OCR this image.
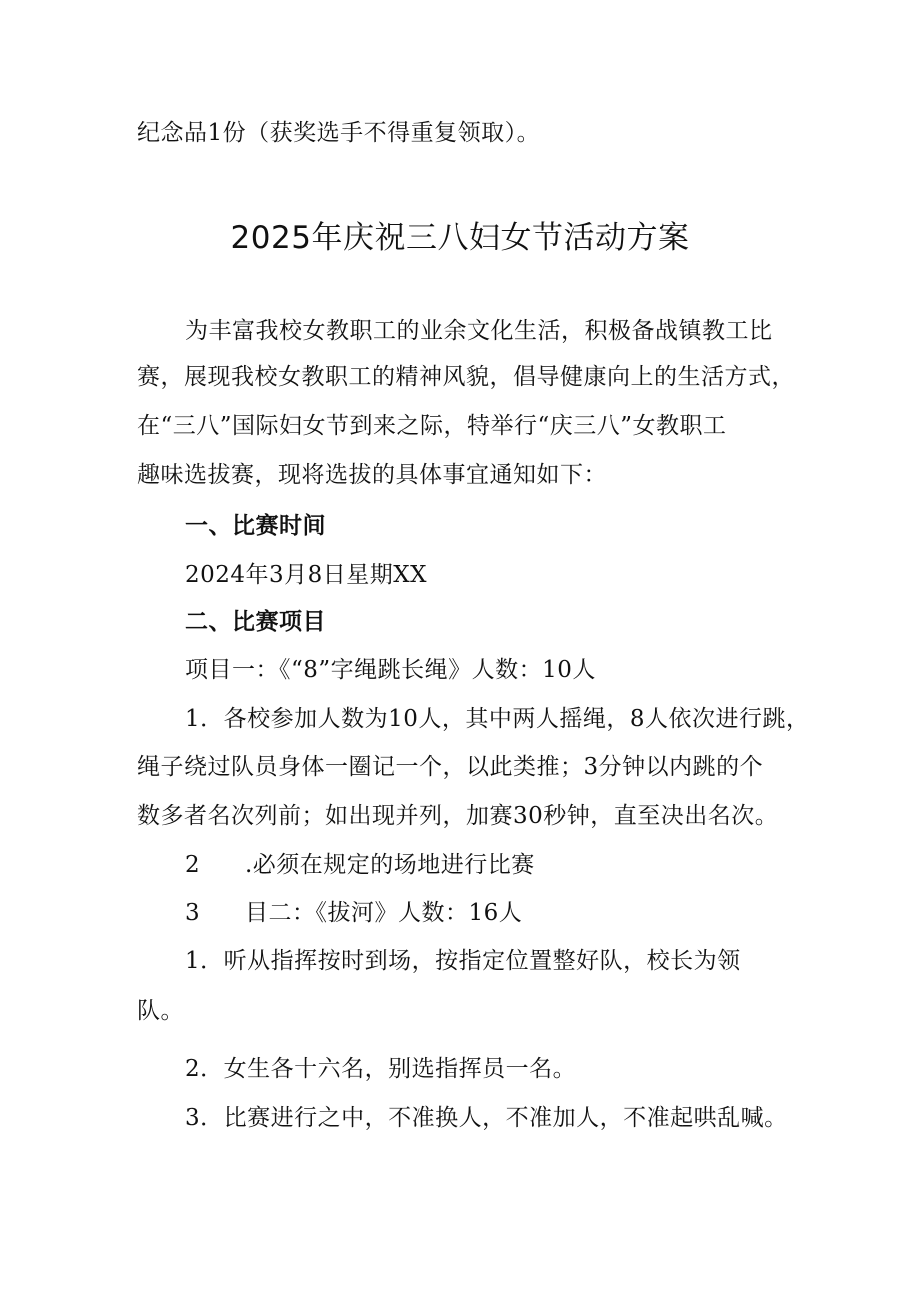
纪念品1份（获奖选手不得重复领取）。
2025年庆祝三八妇女节活动方案
为丰富我校女教职工的业余文化生活，积极备战镇教工比
赛，展现我校女教职工的精神风貌，倡导健康向上的生活方式，
在“三八”国际妇女节到来之际，特举行“庆三八”女教职工
趣味选拔赛，现将选拔的具体事宜通知如下：
一、比赛时间
2024年3月8日星期XX
二、比赛项目
项目一：《“8”字绳跳长绳》人数：10人
1．各校参加人数为10人，其中两人摇绳，8人依次进行跳，
绳子绕过队员身体一圈记一个，以此类推；3分钟以内跳的个
数多者名次列前；如出现并列，加赛30秒钟，直至决出名次。
2 .必须在规定的场地进行比赛
3 目二：《拔河》人数：16人
1．听从指挥按时到场，按指定位置整好队，校长为领
队。
2．女生各十六名，别选指挥员一名。
3．比赛进行之中，不准换人，不准加人，不准起哄乱喊。
